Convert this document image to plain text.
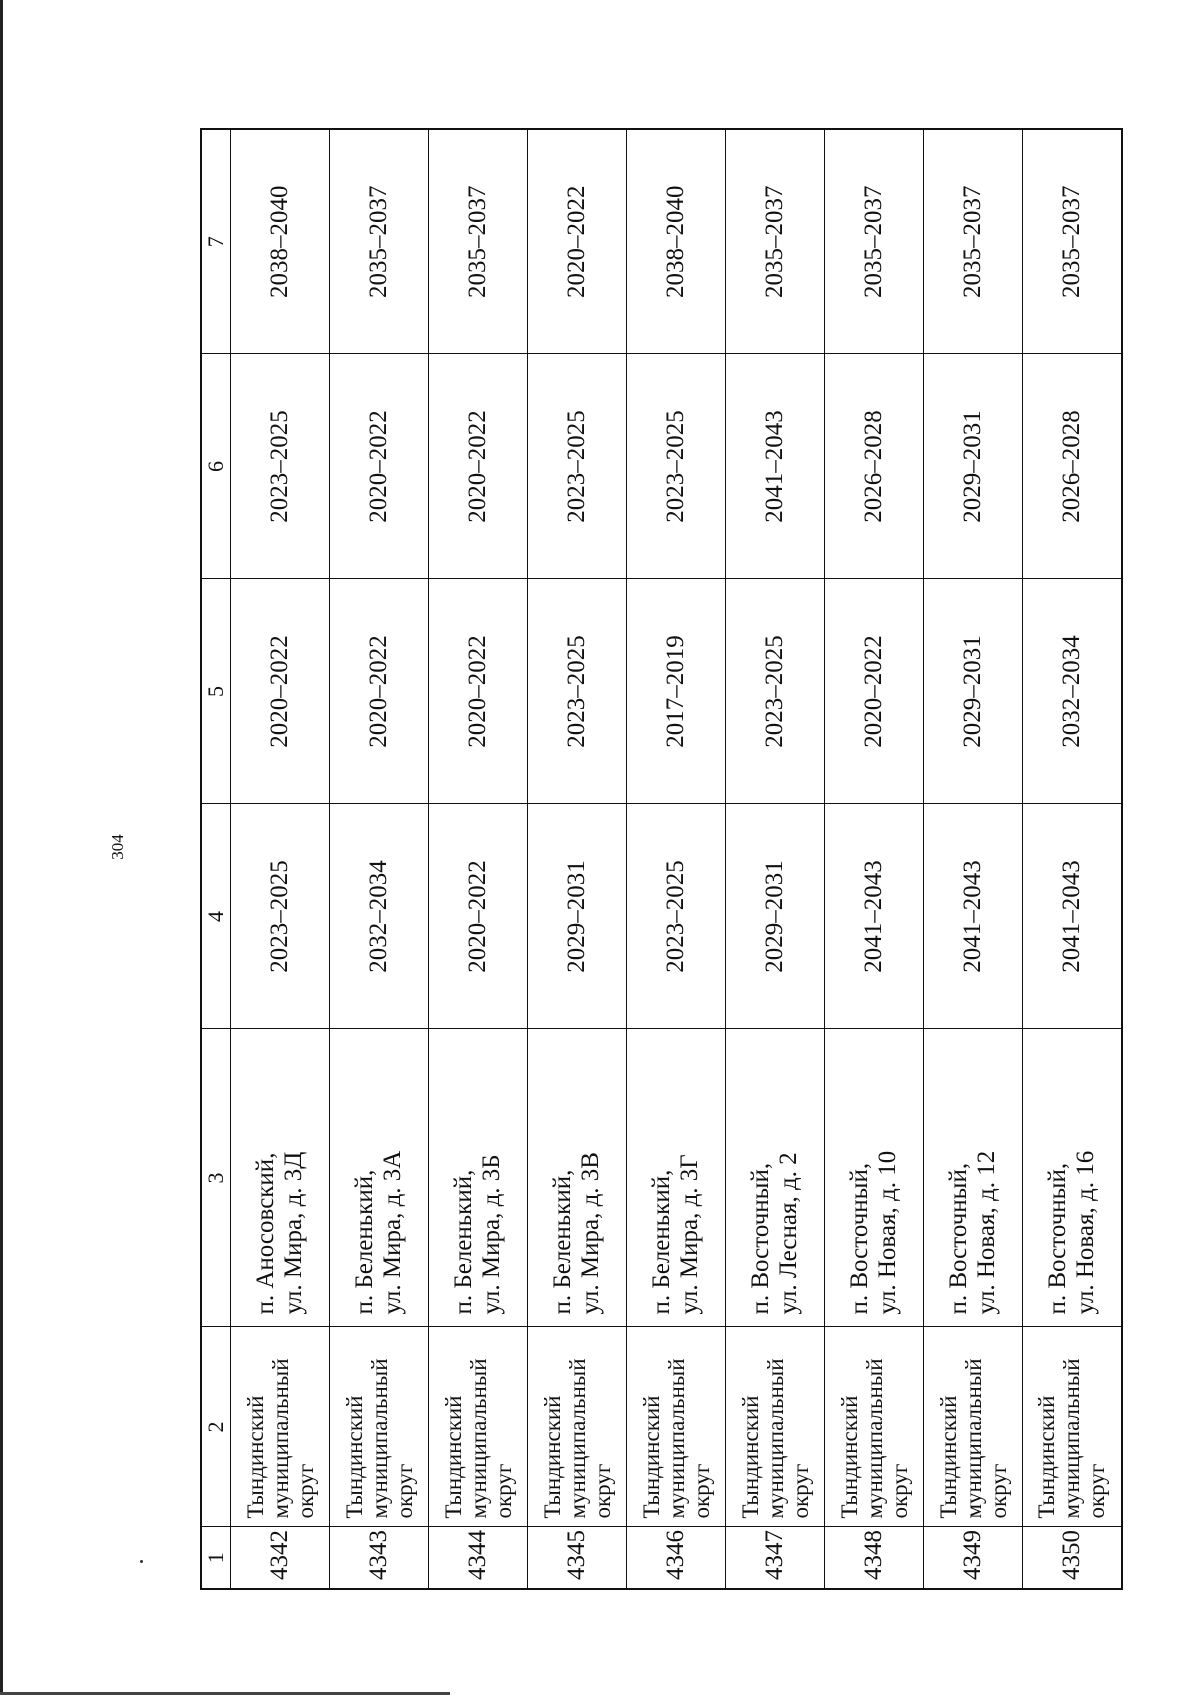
304
1	2	3	4	5	6	7
4342	Тындинский муниципальный округ	п. Аносовский, ул. Мира, д. 3Д	2023–2025	2020–2022	2023–2025	2038–2040
4343	Тындинский муниципальный округ	п. Беленький, ул. Мира, д. 3А	2032–2034	2020–2022	2020–2022	2035–2037
4344	Тындинский муниципальный округ	п. Беленький, ул. Мира, д. 3Б	2020–2022	2020–2022	2020–2022	2035–2037
4345	Тындинский муниципальный округ	п. Беленький, ул. Мира, д. 3В	2029–2031	2023–2025	2023–2025	2020–2022
4346	Тындинский муниципальный округ	п. Беленький, ул. Мира, д. 3Г	2023–2025	2017–2019	2023–2025	2038–2040
4347	Тындинский муниципальный округ	п. Восточный, ул. Лесная, д. 2	2029–2031	2023–2025	2041–2043	2035–2037
4348	Тындинский муниципальный округ	п. Восточный, ул. Новая, д. 10	2041–2043	2020–2022	2026–2028	2035–2037
4349	Тындинский муниципальный округ	п. Восточный, ул. Новая, д. 12	2041–2043	2029–2031	2029–2031	2035–2037
4350	Тындинский муниципальный округ	п. Восточный, ул. Новая, д. 16	2041–2043	2032–2034	2026–2028	2035–2037
